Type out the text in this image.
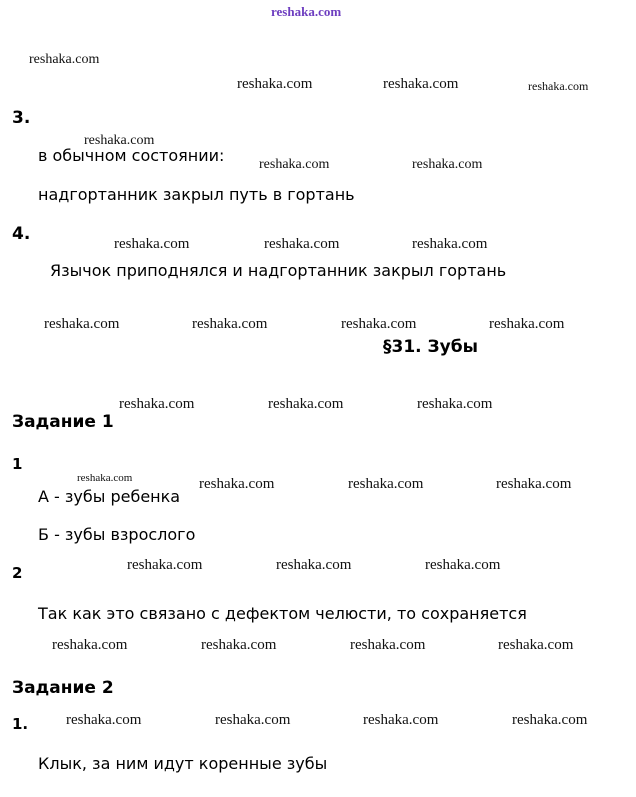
reshaka.com
reshaka.com
reshaka.com	reshaka.com	reshaka.com
reshaka.com
reshaka.com	reshaka.com
reshaka.com	reshaka.com	reshaka.com
reshaka.com	reshaka.com	reshaka.com	reshaka.com
reshaka.com	reshaka.com	reshaka.com
reshaka.com	reshaka.com	reshaka.com	reshaka.com
reshaka.com	reshaka.com	reshaka.com
reshaka.com	reshaka.com	reshaka.com	reshaka.com
reshaka.com	reshaka.com	reshaka.com	reshaka.com
3.
в обычном состоянии:
надгортанник закрыл путь в гортань
4.
Язычок приподнялся и надгортанник закрыл гортань
§31. Зубы
Задание 1
1
А - зубы ребенка
Б - зубы взрослого
2
Так как это связано с дефектом челюсти, то сохраняется
Задание 2
1.
Клык, за ним идут коренные зубы
